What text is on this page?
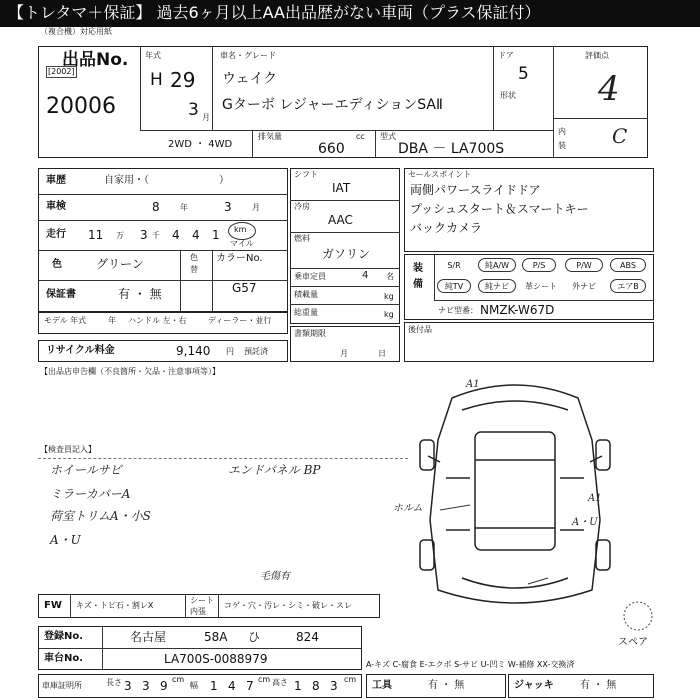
【トレタマ＋保証】 過去6ヶ月以上AA出品歴がない車両（プラス保証付）
（複合機）対応用紙
出品No.
[2002]
20006
年式
H 29
3 月
車名・グレード
ウェイク
Gターボ レジャーエディションSAⅡ
ドア
5
形状
評価点
4
内
装 C
2WD ・ 4WD
排気量	cc
660
型式
DBA － LA700S
車歴	自家用・（　　　　　　　）
車検	8	年	3	月
走行 11 万 3 千 4 4 1 km
マイル
色	グリーン	色
替
カラーNo.
G57
保証書	有 ・ 無
モデル 年式	年 ハンドル 左・右	ディーラー・並行
リサイクル料金	9,140 円 預託済
シフト
IAT
冷房
AAC
燃料
ガソリン
乗車定員	4 名
積載量	kg
総重量	kg
書類期限
月	日
セールスポイント
両側パワースライドドア
プッシュスタート＆スマートキー
バックカメラ
装
備
S/R	純A/W	P/S	P/W	ABS
純TV	純ナビ	革シート	外ナビ	エアB
ナビ型番： NMZK-W67D
後付品
【出品店申告欄（不良箇所・欠品・注意事項等）】
【検査員記入】
ホイールサビ
ミラーカバーA
荷室トリムA・小S
A・U
エンドパネル BP
A1
A1
A・U
ホルム
毛傷有
スペア
FW キズ・トビ石・割レX
シート
内張
コゲ・穴・汚レ・シミ・破レ・スレ
登録No.	名古屋	58A ひ	824
車台No.	LA700S-0088979	A-キズ C-腐食 E-エクボ S-サビ U-凹ミ W-補修 XX-交換済
車庫証明所	長さ 3 3 9 cm
幅 1 4 7 cm 高さ 1 8 3 cm
工具	有 ・ 無	ジャッキ	有 ・ 無
